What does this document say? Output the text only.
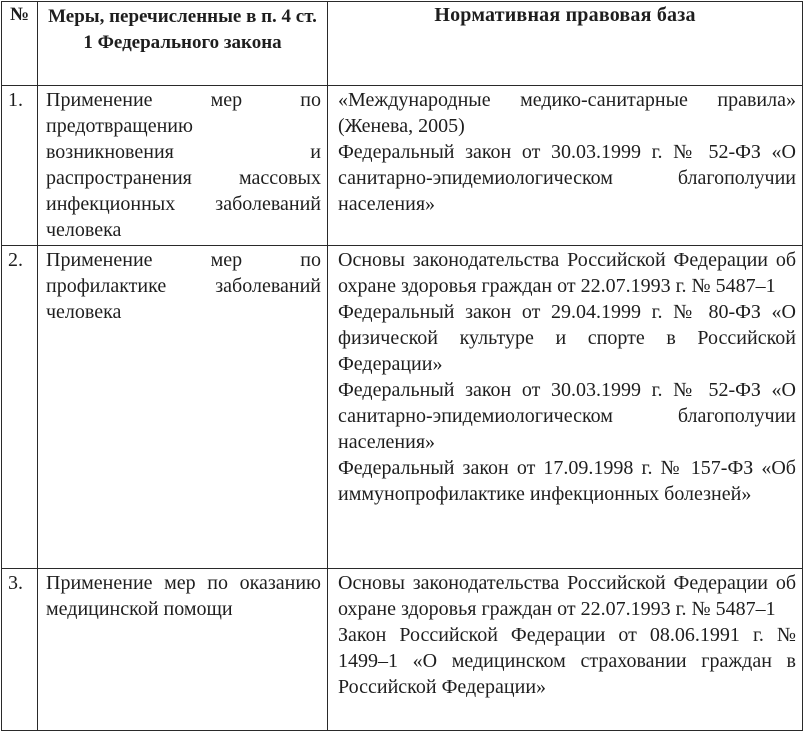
№	Меры, перечисленные в п. 4 ст. 1 Федерального закона	Нормативная правовая база
1.	Применение мер по предотвращению возникновения и распространения массовых инфекционных заболеваний человека	«Международные медико-санитарные правила» (Женева, 2005)
Федеральный закон от 30.03.1999 г. № 52-ФЗ «О санитарно-эпидемиологическом благополучии населения»

2.	Применение мер по профилактике заболеваний человека	Основы законодательства Российской Федерации об охране здоровья граждан от 22.07.1993 г. № 5487–1
Федеральный закон от 29.04.1999 г. № 80-ФЗ «О физической культуре и спорте в Российской Федерации»
Федеральный закон от 30.03.1999 г. № 52-ФЗ «О санитарно-эпидемиологическом благополучии населения»
Федеральный закон от 17.09.1998 г. № 157-ФЗ «Об иммунопрофилактике инфекционных болезней»

3.	Применение мер по оказанию медицинской помощи	Основы законодательства Российской Федерации об охране здоровья граждан от 22.07.1993 г. № 5487–1
Закон Российской Федерации от 08.06.1991 г. № 1499–1 «О медицинском страховании граждан в Российской Федерации»
